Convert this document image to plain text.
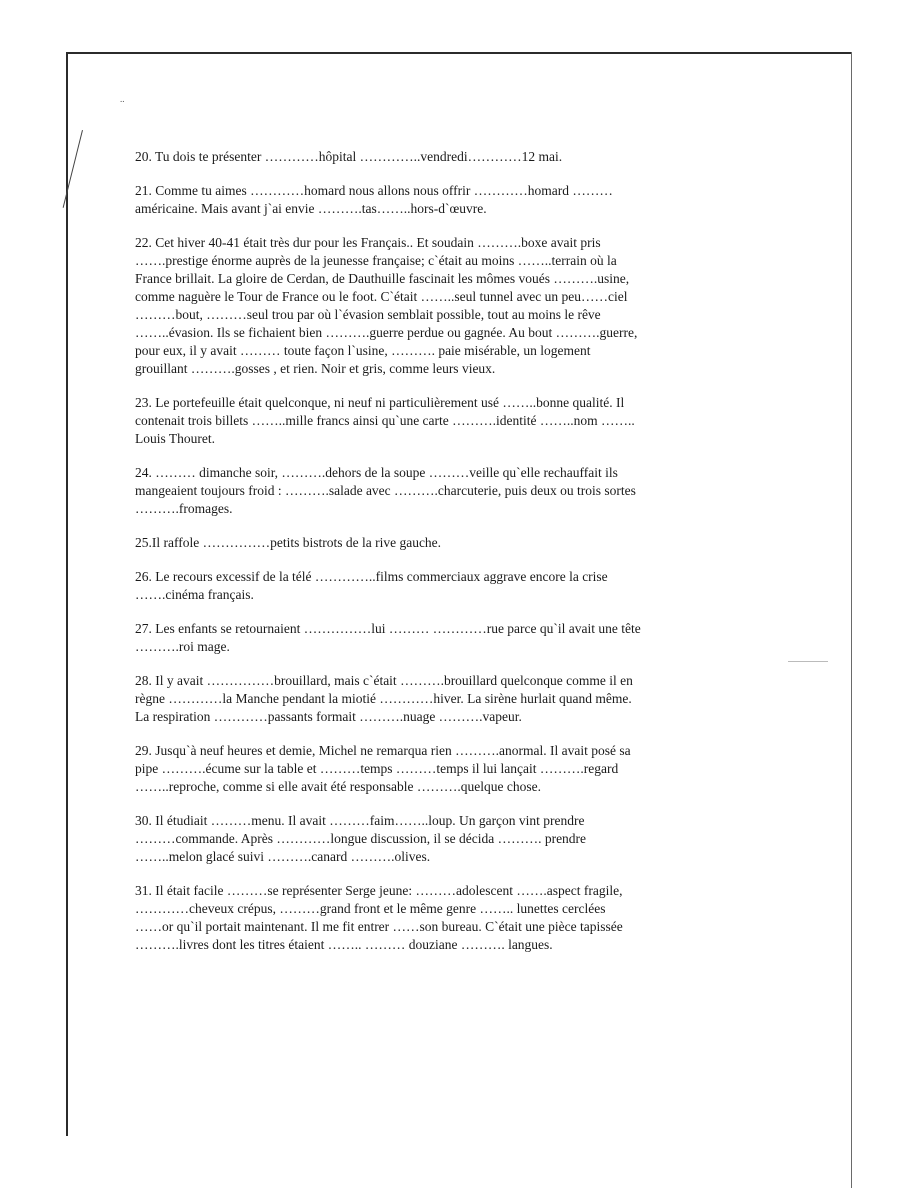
..
20. Tu dois te présenter …………hôpital …………..vendredi…………12 mai.
21. Comme tu aimes …………homard nous allons nous offrir …………homard ………
américaine. Mais avant j`ai envie ……….tas……..hors-d`œuvre.
22. Cet hiver 40-41 était très dur pour les Français.. Et soudain ……….boxe avait pris
…….prestige énorme auprès de la jeunesse française; c`était au moins ……..terrain où la
France brillait. La gloire de Cerdan, de Dauthuille fascinait les mômes voués ……….usine,
comme naguère le Tour de France ou le foot. C`était ……..seul tunnel avec un peu……ciel
………bout, ………seul trou par où l`évasion semblait possible, tout au moins le rêve
……..évasion. Ils se fichaient bien ……….guerre perdue ou gagnée. Au bout ……….guerre,
pour eux, il y avait ……… toute façon l`usine, ………. paie misérable, un logement
grouillant ……….gosses , et rien. Noir et gris, comme leurs vieux.
23. Le portefeuille était quelconque, ni neuf ni particulièrement usé ……..bonne qualité. Il
contenait trois billets ……..mille francs ainsi qu`une carte ……….identité ……..nom ……..
Louis Thouret.
24. ……… dimanche soir, ……….dehors de la soupe ………veille qu`elle rechauffait ils
mangeaient toujours froid : ……….salade avec ……….charcuterie, puis deux ou trois sortes
……….fromages.
25.Il raffole ……………petits bistrots de la rive gauche.
26. Le recours excessif de la télé …………..films commerciaux aggrave encore la crise
…….cinéma français.
27. Les enfants se retournaient ……………lui ……… …………rue parce qu`il avait une tête
……….roi mage.
28. Il y avait ……………brouillard, mais c`était ……….brouillard quelconque comme il en
règne …………la Manche pendant la miotié …………hiver. La sirène hurlait quand même.
La respiration …………passants formait ……….nuage ……….vapeur.
29. Jusqu`à neuf heures et demie, Michel ne remarqua rien ……….anormal. Il avait posé sa
pipe ……….écume sur la table et ………temps ………temps il lui lançait ……….regard
……..reproche, comme si elle avait été responsable ……….quelque chose.
30. Il étudiait ………menu. Il avait ………faim……..loup. Un garçon vint prendre
………commande. Après …………longue discussion, il se décida ………. prendre
……..melon glacé suivi ……….canard ……….olives.
31. Il était facile ………se représenter Serge jeune: ………adolescent …….aspect fragile,
…………cheveux crépus, ………grand front et le même genre …….. lunettes cerclées
……or qu`il portait maintenant. Il me fit entrer ……son bureau. C`était une pièce tapissée
……….livres dont les titres étaient …….. ……… douziane ………. langues.
